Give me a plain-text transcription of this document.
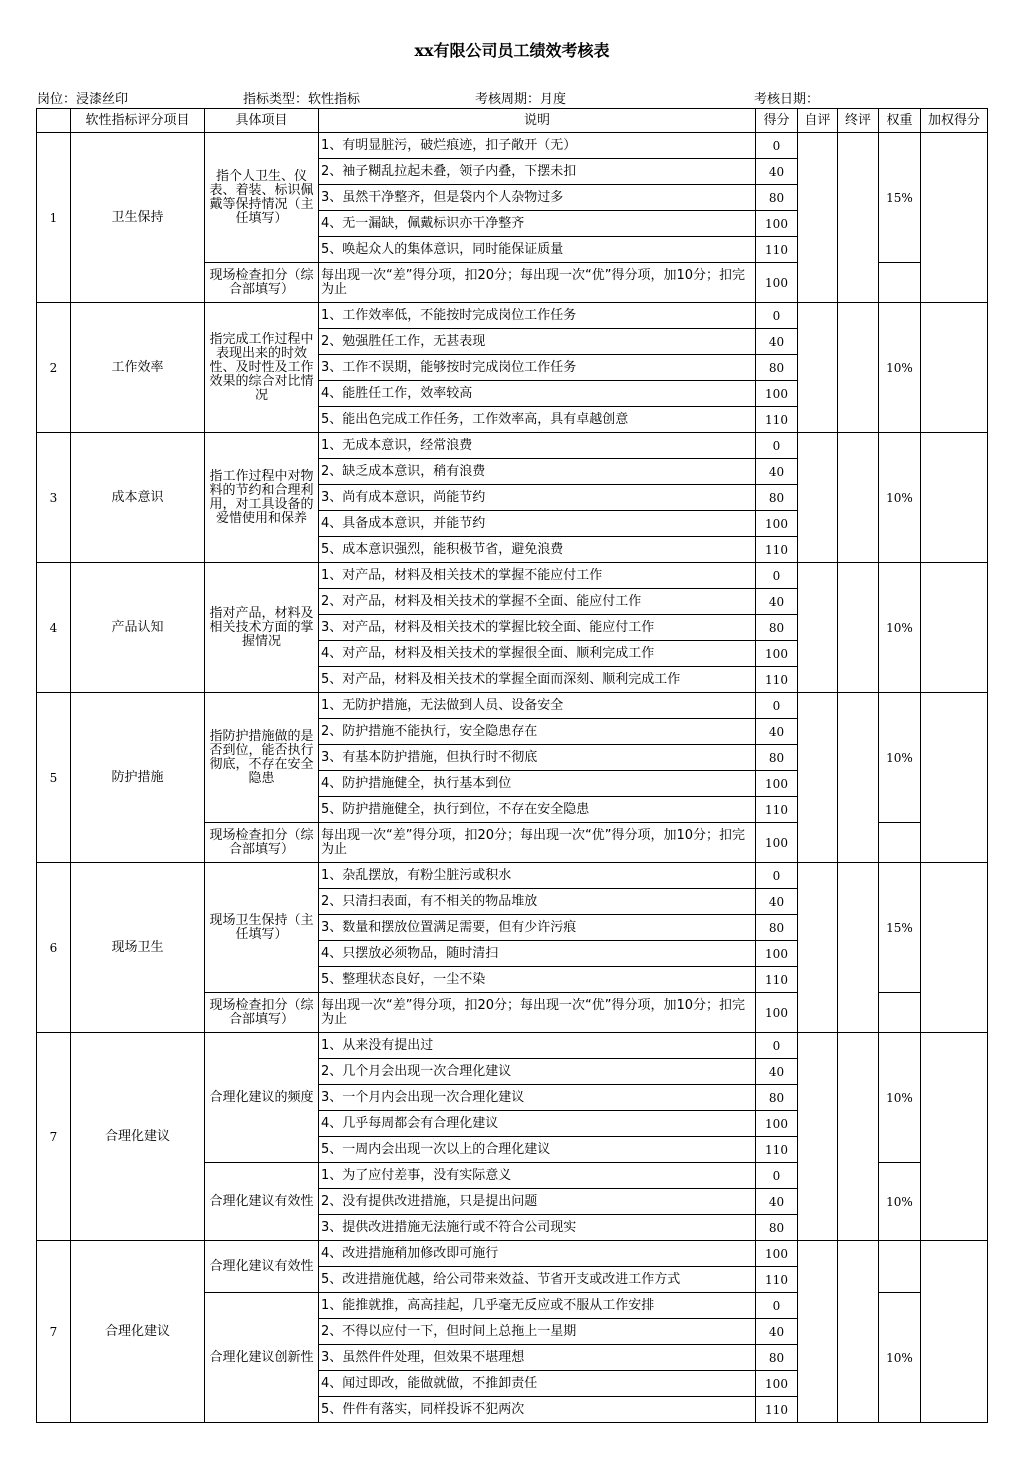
xx有限公司员工绩效考核表
岗位：浸漆丝印	指标类型：软性指标	考核周期：月度	考核日期：
	软性指标评分项目	具体项目	说明	得分	自评	终评	权重	加权得分
1	卫生保持	指个人卫生、仪表、着装、标识佩戴等保持情况（主任填写）	1、有明显脏污，破烂痕迹，扣子敞开（无）	0			15%	
			2、袖子糊乱拉起未叠，领子内叠，下摆未扣	40				
			3、虽然干净整齐，但是袋内个人杂物过多	80				
			4、无一漏缺，佩戴标识亦干净整齐	100				
			5、唤起众人的集体意识，同时能保证质量	110				
		现场检查扣分（综合部填写）	每出现一次“差”得分项，扣20分；每出现一次“优”得分项，加10分；扣完为止	100				
2	工作效率	指完成工作过程中表现出来的时效性、及时性及工作效果的综合对比情况	1、工作效率低，不能按时完成岗位工作任务	0			10%	
			2、勉强胜任工作，无甚表现	40				
			3、工作不误期，能够按时完成岗位工作任务	80				
			4、能胜任工作，效率较高	100				
			5、能出色完成工作任务，工作效率高，具有卓越创意	110				
3	成本意识	指工作过程中对物料的节约和合理利用，对工具设备的爱惜使用和保养	1、无成本意识，经常浪费	0			10%	
			2、缺乏成本意识，稍有浪费	40				
			3、尚有成本意识，尚能节约	80				
			4、具备成本意识，并能节约	100				
			5、成本意识强烈，能积极节省，避免浪费	110				
4	产品认知	指对产品，材料及相关技术方面的掌握情况	1、对产品，材料及相关技术的掌握不能应付工作	0			10%	
			2、对产品，材料及相关技术的掌握不全面、能应付工作	40				
			3、对产品，材料及相关技术的掌握比较全面、能应付工作	80				
			4、对产品，材料及相关技术的掌握很全面、顺利完成工作	100				
			5、对产品，材料及相关技术的掌握全面而深刻、顺利完成工作	110				
5	防护措施	指防护措施做的是否到位，能否执行 彻底，不存在安全隐患	1、无防护措施，无法做到人员、设备安全	0			10%	
			2、防护措施不能执行，安全隐患存在	40				
			3、有基本防护措施，但执行时不彻底	80				
			4、防护措施健全，执行基本到位	100				
			5、防护措施健全，执行到位，不存在安全隐患	110				
		现场检查扣分（综合部填写）	每出现一次“差”得分项，扣20分；每出现一次“优”得分项，加10分；扣完为止	100				
6	现场卫生	现场卫生保持（主任填写）	1、杂乱摆放，有粉尘脏污或积水	0			15%	
			2、只清扫表面，有不相关的物品堆放	40				
			3、数量和摆放位置满足需要，但有少许污痕	80				
			4、只摆放必须物品，随时清扫	100				
			5、整理状态良好，一尘不染	110				
		现场检查扣分（综合部填写）	每出现一次“差”得分项，扣20分；每出现一次“优”得分项，加10分；扣完为止	100				
7	合理化建议	合理化建议的频度	1、从来没有提出过	0			10%	
			2、几个月会出现一次合理化建议	40				
			3、一个月内会出现一次合理化建议	80				
			4、几乎每周都会有合理化建议	100				
			5、一周内会出现一次以上的合理化建议	110				
		合理化建议有效性	1、为了应付差事，没有实际意义	0			10%	
			2、没有提供改进措施，只是提出问题	40				
			3、提供改进措施无法施行或不符合公司现实	80				
7	合理化建议	合理化建议有效性	4、改进措施稍加修改即可施行	100				
			5、改进措施优越，给公司带来效益、节省开支或改进工作方式	110				
		合理化建议创新性	1、能推就推，高高挂起，几乎毫无反应或不服从工作安排	0			10%	
			2、不得以应付一下，但时间上总拖上一星期	40				
			3、虽然件件处理，但效果不堪理想	80				
			4、闻过即改，能做就做，不推卸责任	100				
			5、件件有落实，同样投诉不犯两次	110				
